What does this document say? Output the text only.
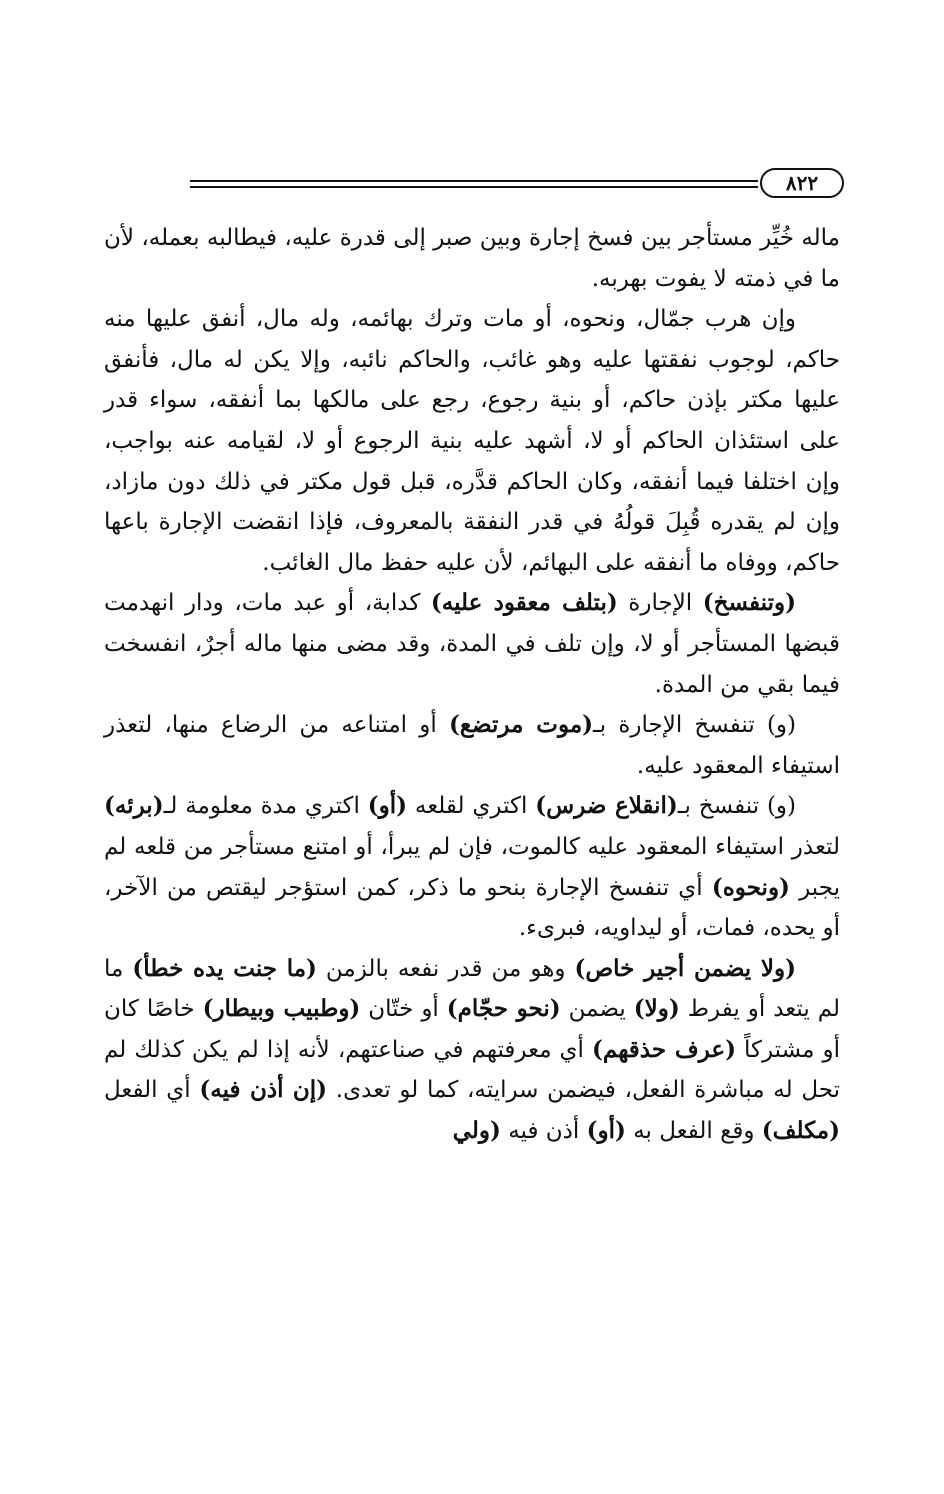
٨٢٢

ماله خُيِّر مستأجر بين فسخ إجارة وبين صبر إلى قدرة عليه، فيطالبه بعمله، لأن ما في ذمته لا يفوت بهربه.

وإن هرب جمّال، ونحوه، أو مات وترك بهائمه، وله مال، أنفق عليها منه حاكم، لوجوب نفقتها عليه وهو غائب، والحاكم نائبه، وإلا يكن له مال، فأنفق عليها مكتر بإذن حاكم، أو بنية رجوع، رجع على مالكها بما أنفقه، سواء قدر على استئذان الحاكم أو لا، أشهد عليه بنية الرجوع أو لا، لقيامه عنه بواجب، وإن اختلفا فيما أنفقه، وكان الحاكم قدَّره، قبل قول مكتر في ذلك دون مازاد، وإن لم يقدره قُبِلَ قولُهُ في قدر النفقة بالمعروف، فإذا انقضت الإجارة باعها حاكم، ووفاه ما أنفقه على البهائم، لأن عليه حفظ مال الغائب.

(وتنفسخ) الإجارة (بتلف معقود عليه) كدابة، أو عبد مات، ودار انهدمت قبضها المستأجر أو لا، وإن تلف في المدة، وقد مضى منها ماله أجرٌ، انفسخت فيما بقي من المدة.

(و) تنفسخ الإجارة بـ(موت مرتضع) أو امتناعه من الرضاع منها، لتعذر استيفاء المعقود عليه.

(و) تنفسخ بـ(انقلاع ضرس) اكتري لقلعه (أو) اكتري مدة معلومة لـ(برئه) لتعذر استيفاء المعقود عليه كالموت، فإن لم يبرأ، أو امتنع مستأجر من قلعه لم يجبر (ونحوه) أي تنفسخ الإجارة بنحو ما ذكر، كمن استؤجر ليقتص من الآخر، أو يحده، فمات، أو ليداويه، فبرىء.

(ولا يضمن أجير خاص) وهو من قدر نفعه بالزمن (ما جنت يده خطأ) ما لم يتعد أو يفرط (ولا) يضمن (نحو حجّام) أو ختّان (وطبيب وبيطار) خاصًا كان أو مشتركاً (عرف حذقهم) أي معرفتهم في صناعتهم، لأنه إذا لم يكن كذلك لم تحل له مباشرة الفعل، فيضمن سرايته، كما لو تعدى. (إن أذن فيه) أي الفعل (مكلف) وقع الفعل به (أو) أذن فيه (ولي
